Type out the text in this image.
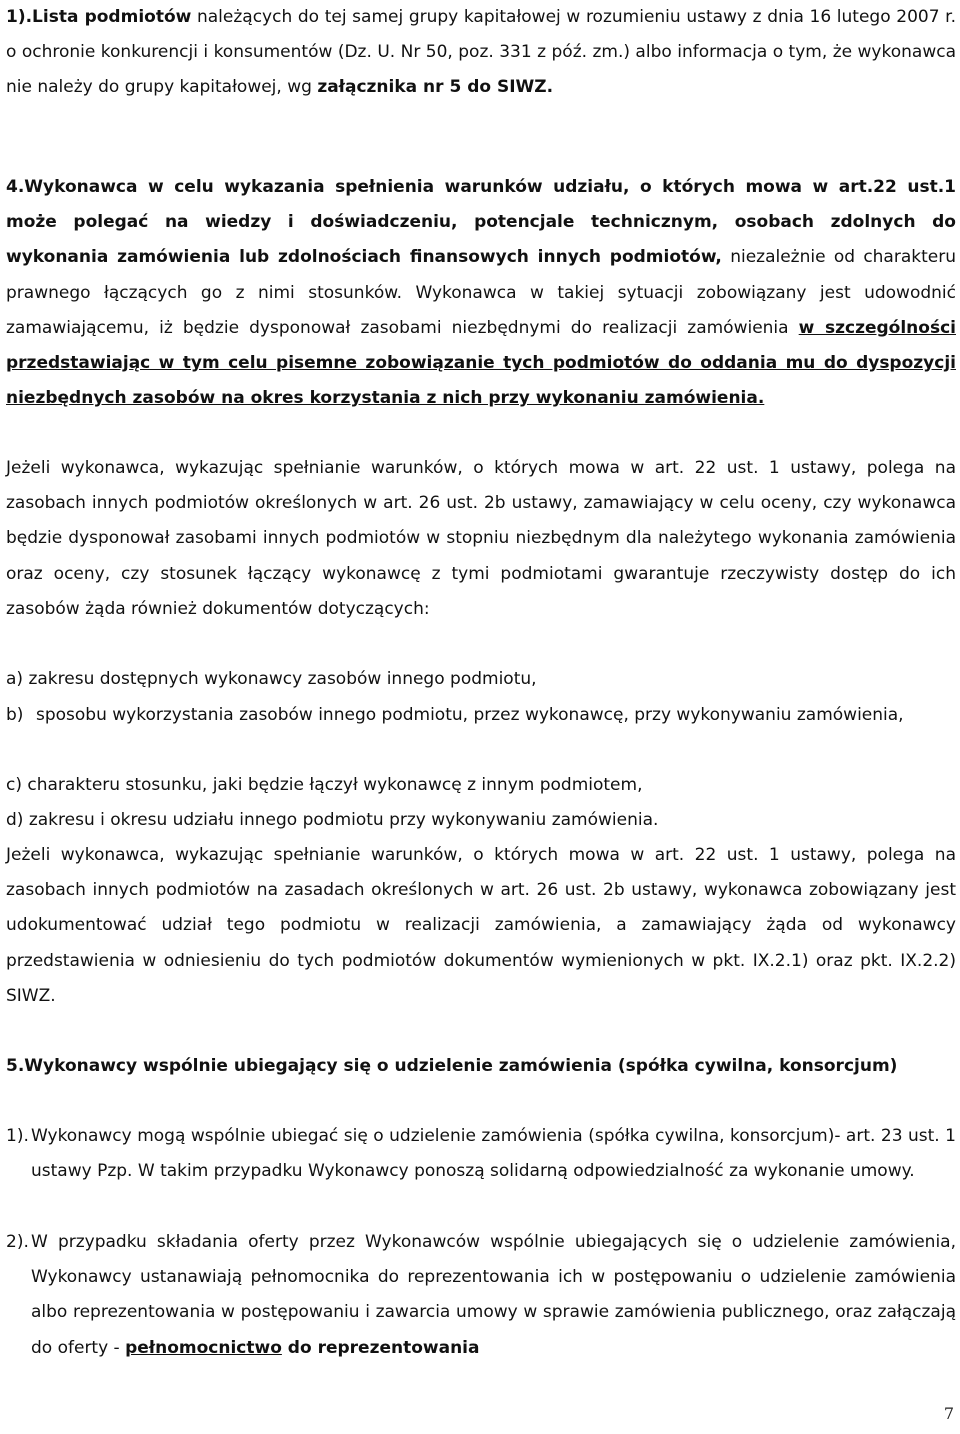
1).Lista podmiotów należących do tej samej grupy kapitałowej w rozumieniu ustawy z dnia 16 lutego 2007 r. o ochronie konkurencji i konsumentów (Dz. U. Nr 50, poz. 331 z póź. zm.) albo informacja o tym, że wykonawca nie należy do grupy kapitałowej, wg załącznika nr 5 do SIWZ.
4.Wykonawca w celu wykazania spełnienia warunków udziału, o których mowa w art.22 ust.1 może polegać na wiedzy i doświadczeniu, potencjale technicznym, osobach zdolnych do wykonania zamówienia lub zdolnościach finansowych innych podmiotów, niezależnie od charakteru prawnego łączących go z nimi stosunków. Wykonawca w takiej sytuacji zobowiązany jest udowodnić zamawiającemu, iż będzie dysponował zasobami niezbędnymi do realizacji zamówienia w szczególności przedstawiając w tym celu pisemne zobowiązanie tych podmiotów do oddania mu do dyspozycji niezbędnych zasobów na okres korzystania z nich przy wykonaniu zamówienia.
Jeżeli wykonawca, wykazując spełnianie warunków, o których mowa w art. 22 ust. 1 ustawy, polega na zasobach innych podmiotów określonych w art. 26 ust. 2b ustawy, zamawiający w celu oceny, czy wykonawca będzie dysponował zasobami innych podmiotów w stopniu niezbędnym dla należytego wykonania zamówienia oraz oceny, czy stosunek łączący wykonawcę z tymi podmiotami gwarantuje rzeczywisty dostęp do ich zasobów żąda również dokumentów dotyczących:
a) zakresu dostępnych wykonawcy zasobów innego podmiotu,
b) sposobu wykorzystania zasobów innego podmiotu, przez wykonawcę, przy wykonywaniu zamówienia,
c) charakteru stosunku, jaki będzie łączył wykonawcę z innym podmiotem,
d) zakresu i okresu udziału innego podmiotu przy wykonywaniu zamówienia.
Jeżeli wykonawca, wykazując spełnianie warunków, o których mowa w art. 22 ust. 1 ustawy, polega na zasobach innych podmiotów na zasadach określonych w art. 26 ust. 2b ustawy, wykonawca zobowiązany jest udokumentować udział tego podmiotu w realizacji zamówienia, a zamawiający żąda od wykonawcy przedstawienia w odniesieniu do tych podmiotów dokumentów wymienionych w pkt. IX.2.1) oraz pkt. IX.2.2) SIWZ.
5.Wykonawcy wspólnie ubiegający się o udzielenie zamówienia (spółka cywilna, konsorcjum)
1). Wykonawcy mogą wspólnie ubiegać się o udzielenie zamówienia (spółka cywilna, konsorcjum)- art. 23 ust. 1 ustawy Pzp. W takim przypadku Wykonawcy ponoszą solidarną odpowiedzialność za wykonanie umowy.
2). W przypadku składania oferty przez Wykonawców wspólnie ubiegających się o udzielenie zamówienia, Wykonawcy ustanawiają pełnomocnika do reprezentowania ich w postępowaniu o udzielenie zamówienia albo reprezentowania w postępowaniu i zawarcia umowy w sprawie zamówienia publicznego, oraz załączają do oferty - pełnomocnictwo do reprezentowania
7
